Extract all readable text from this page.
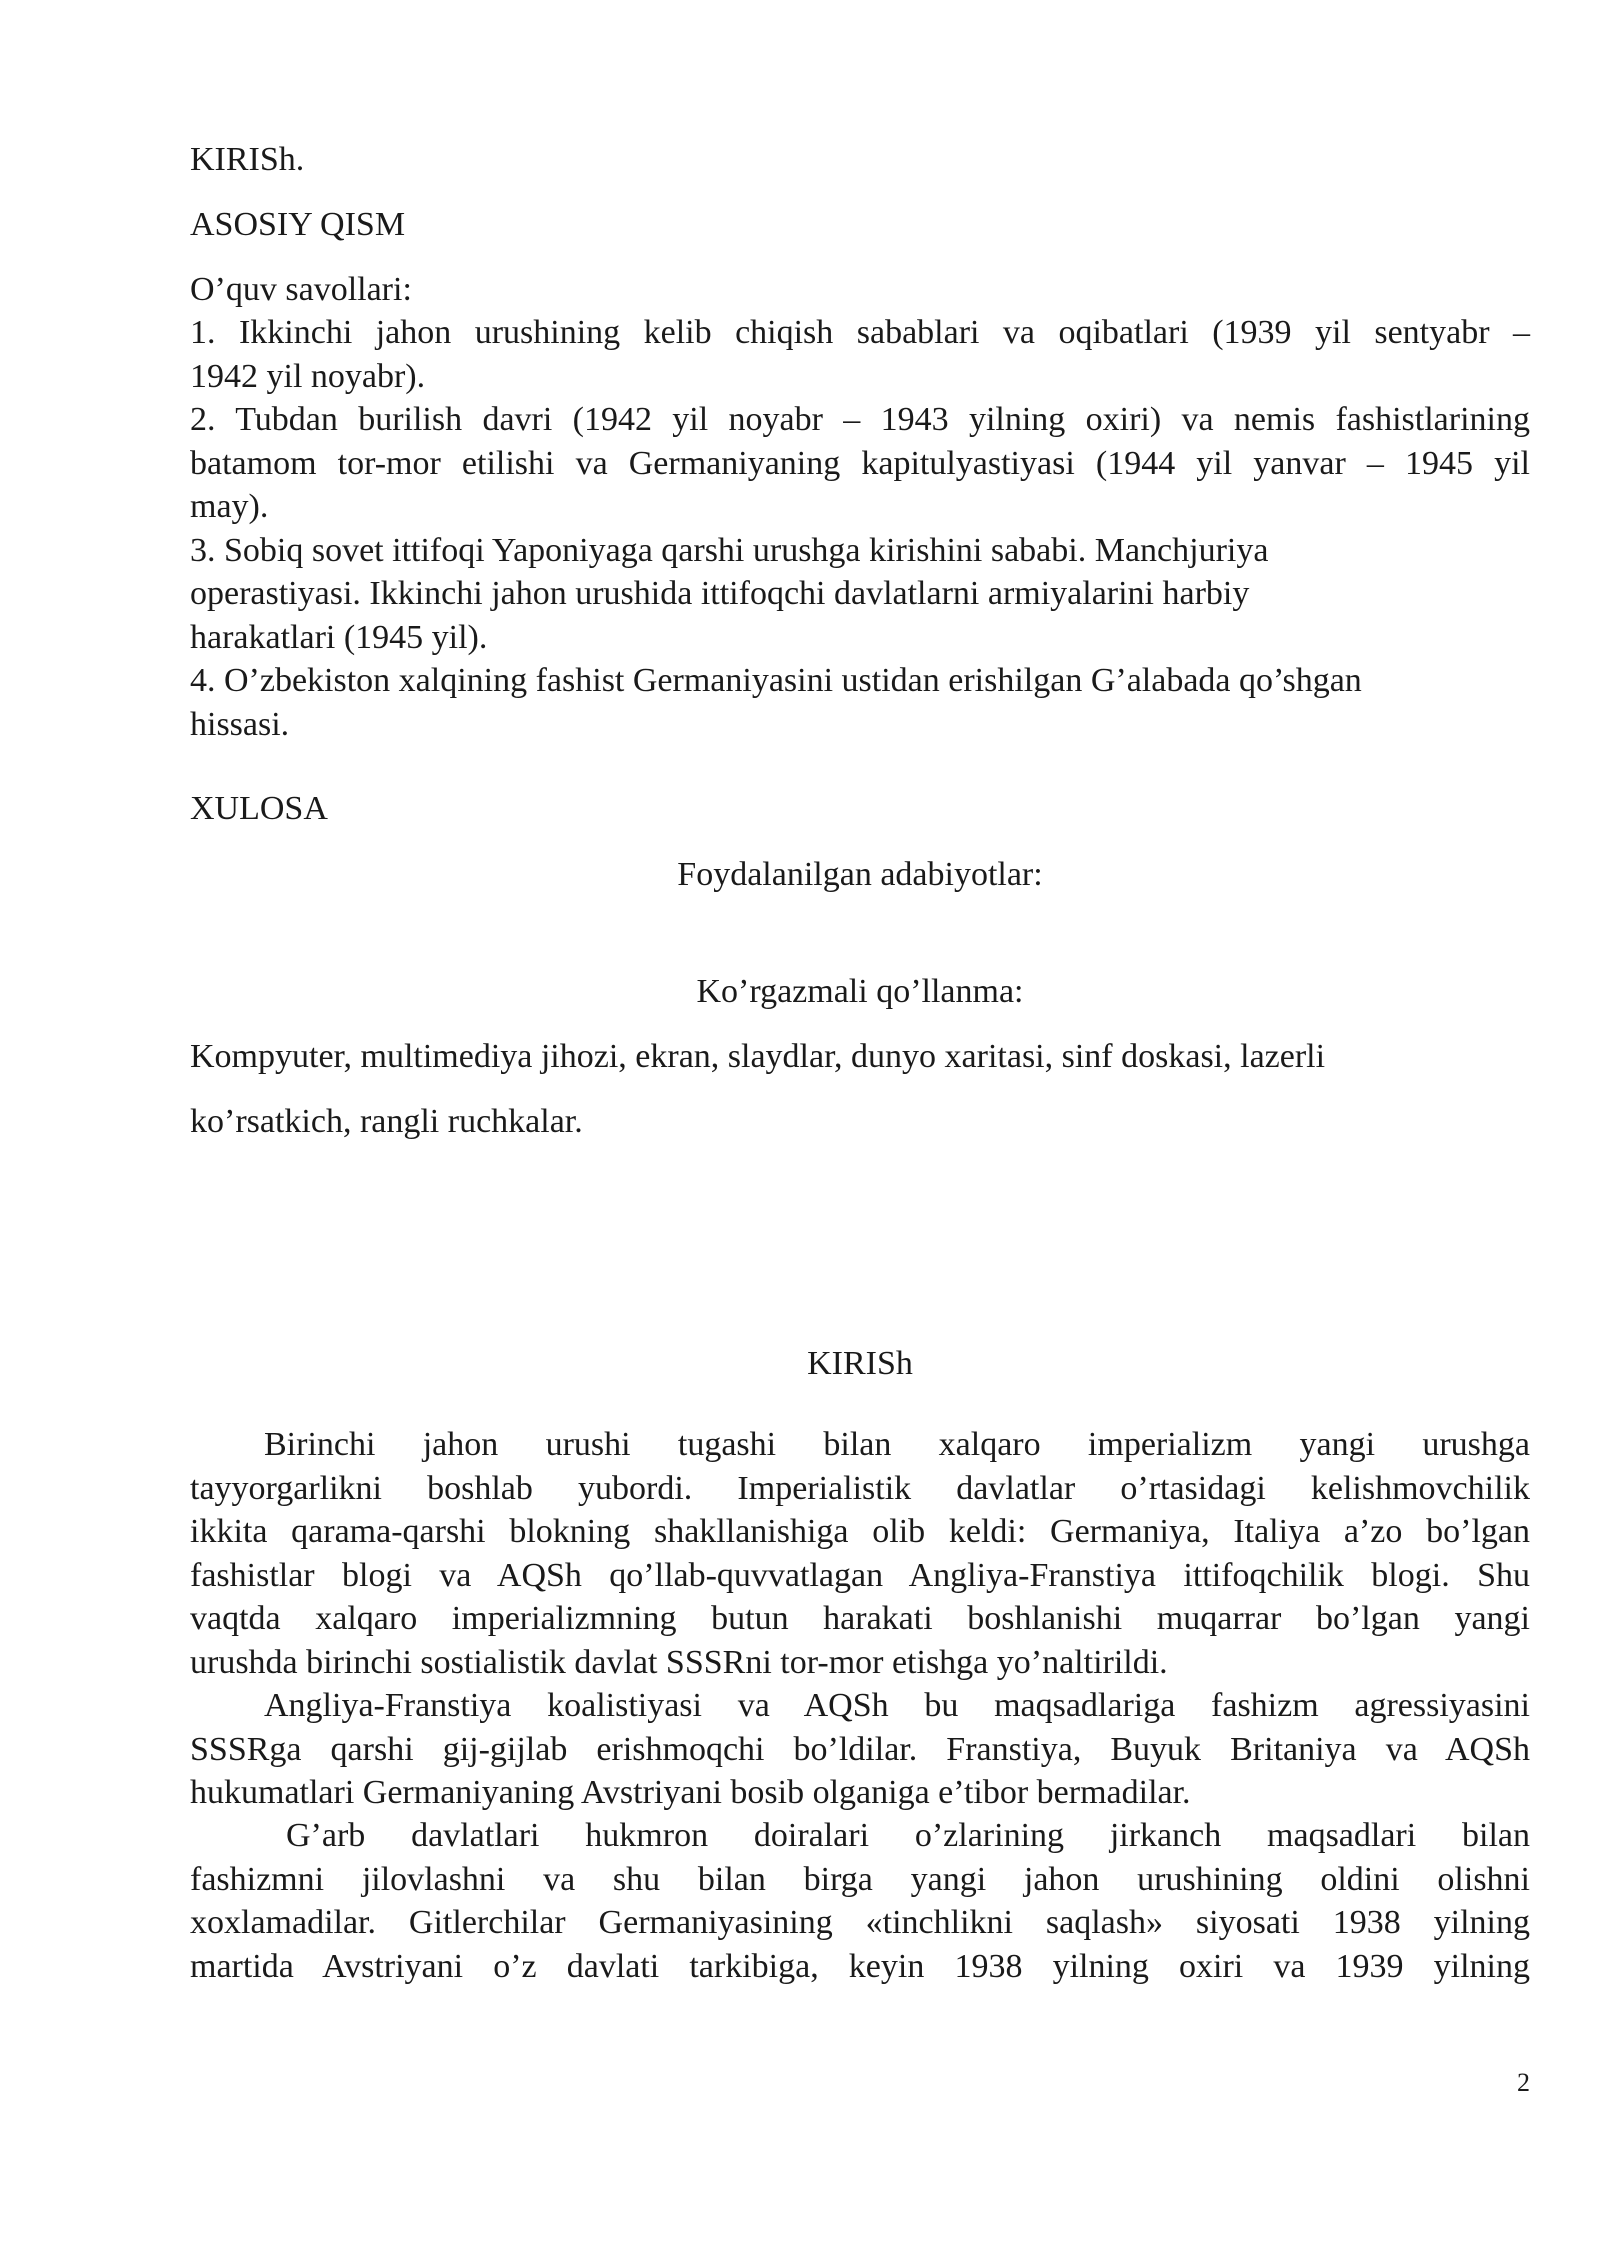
KIRISh.
ASOSIY QISM
O’quv savollari:
1. Ikkinchi jahon urushining kelib chiqish sabablari va oqibatlari (1939 yil sentyabr –
1942 yil noyabr).
2. Tubdan burilish davri (1942 yil noyabr – 1943 yilning oxiri) va nemis fashistlarining
batamom tor-mor etilishi va Germaniyaning kapitulyastiyasi (1944 yil yanvar – 1945 yil
may).
3. Sobiq sovet ittifoqi Yaponiyaga qarshi urushga kirishini sababi. Manchjuriya
operastiyasi. Ikkinchi jahon urushida ittifoqchi davlatlarni armiyalarini harbiy
harakatlari (1945 yil).
4. O’zbekiston xalqining fashist Germaniyasini ustidan erishilgan G’alabada qo’shgan
hissasi.
XULOSA
Foydalanilgan adabiyotlar:
Ko’rgazmali qo’llanma:
Kompyuter, multimediya jihozi, ekran, slaydlar, dunyo xaritasi, sinf doskasi, lazerli
ko’rsatkich, rangli ruchkalar.
KIRISh
Birinchi jahon urushi tugashi bilan xalqaro imperializm yangi urushga
tayyorgarlikni boshlab yubordi. Imperialistik davlatlar o’rtasidagi kelishmovchilik
ikkita qarama-qarshi blokning shakllanishiga olib keldi: Germaniya, Italiya a’zo bo’lgan
fashistlar blogi va AQSh qo’llab-quvvatlagan Angliya-Franstiya ittifoqchilik blogi. Shu
vaqtda xalqaro imperializmning butun harakati boshlanishi muqarrar bo’lgan yangi
urushda birinchi sostialistik davlat SSSRni tor-mor etishga yo’naltirildi.
Angliya-Franstiya koalistiyasi va AQSh bu maqsadlariga fashizm agressiyasini
SSSRga qarshi gij-gijlab erishmoqchi bo’ldilar. Franstiya, Buyuk Britaniya va AQSh
hukumatlari Germaniyaning Avstriyani bosib olganiga e’tibor bermadilar.
G’arb davlatlari hukmron doiralari o’zlarining jirkanch maqsadlari bilan
fashizmni jilovlashni va shu bilan birga yangi jahon urushining oldini olishni
xoxlamadilar. Gitlerchilar Germaniyasining «tinchlikni saqlash» siyosati 1938 yilning
martida Avstriyani o’z davlati tarkibiga, keyin 1938 yilning oxiri va 1939 yilning
2
